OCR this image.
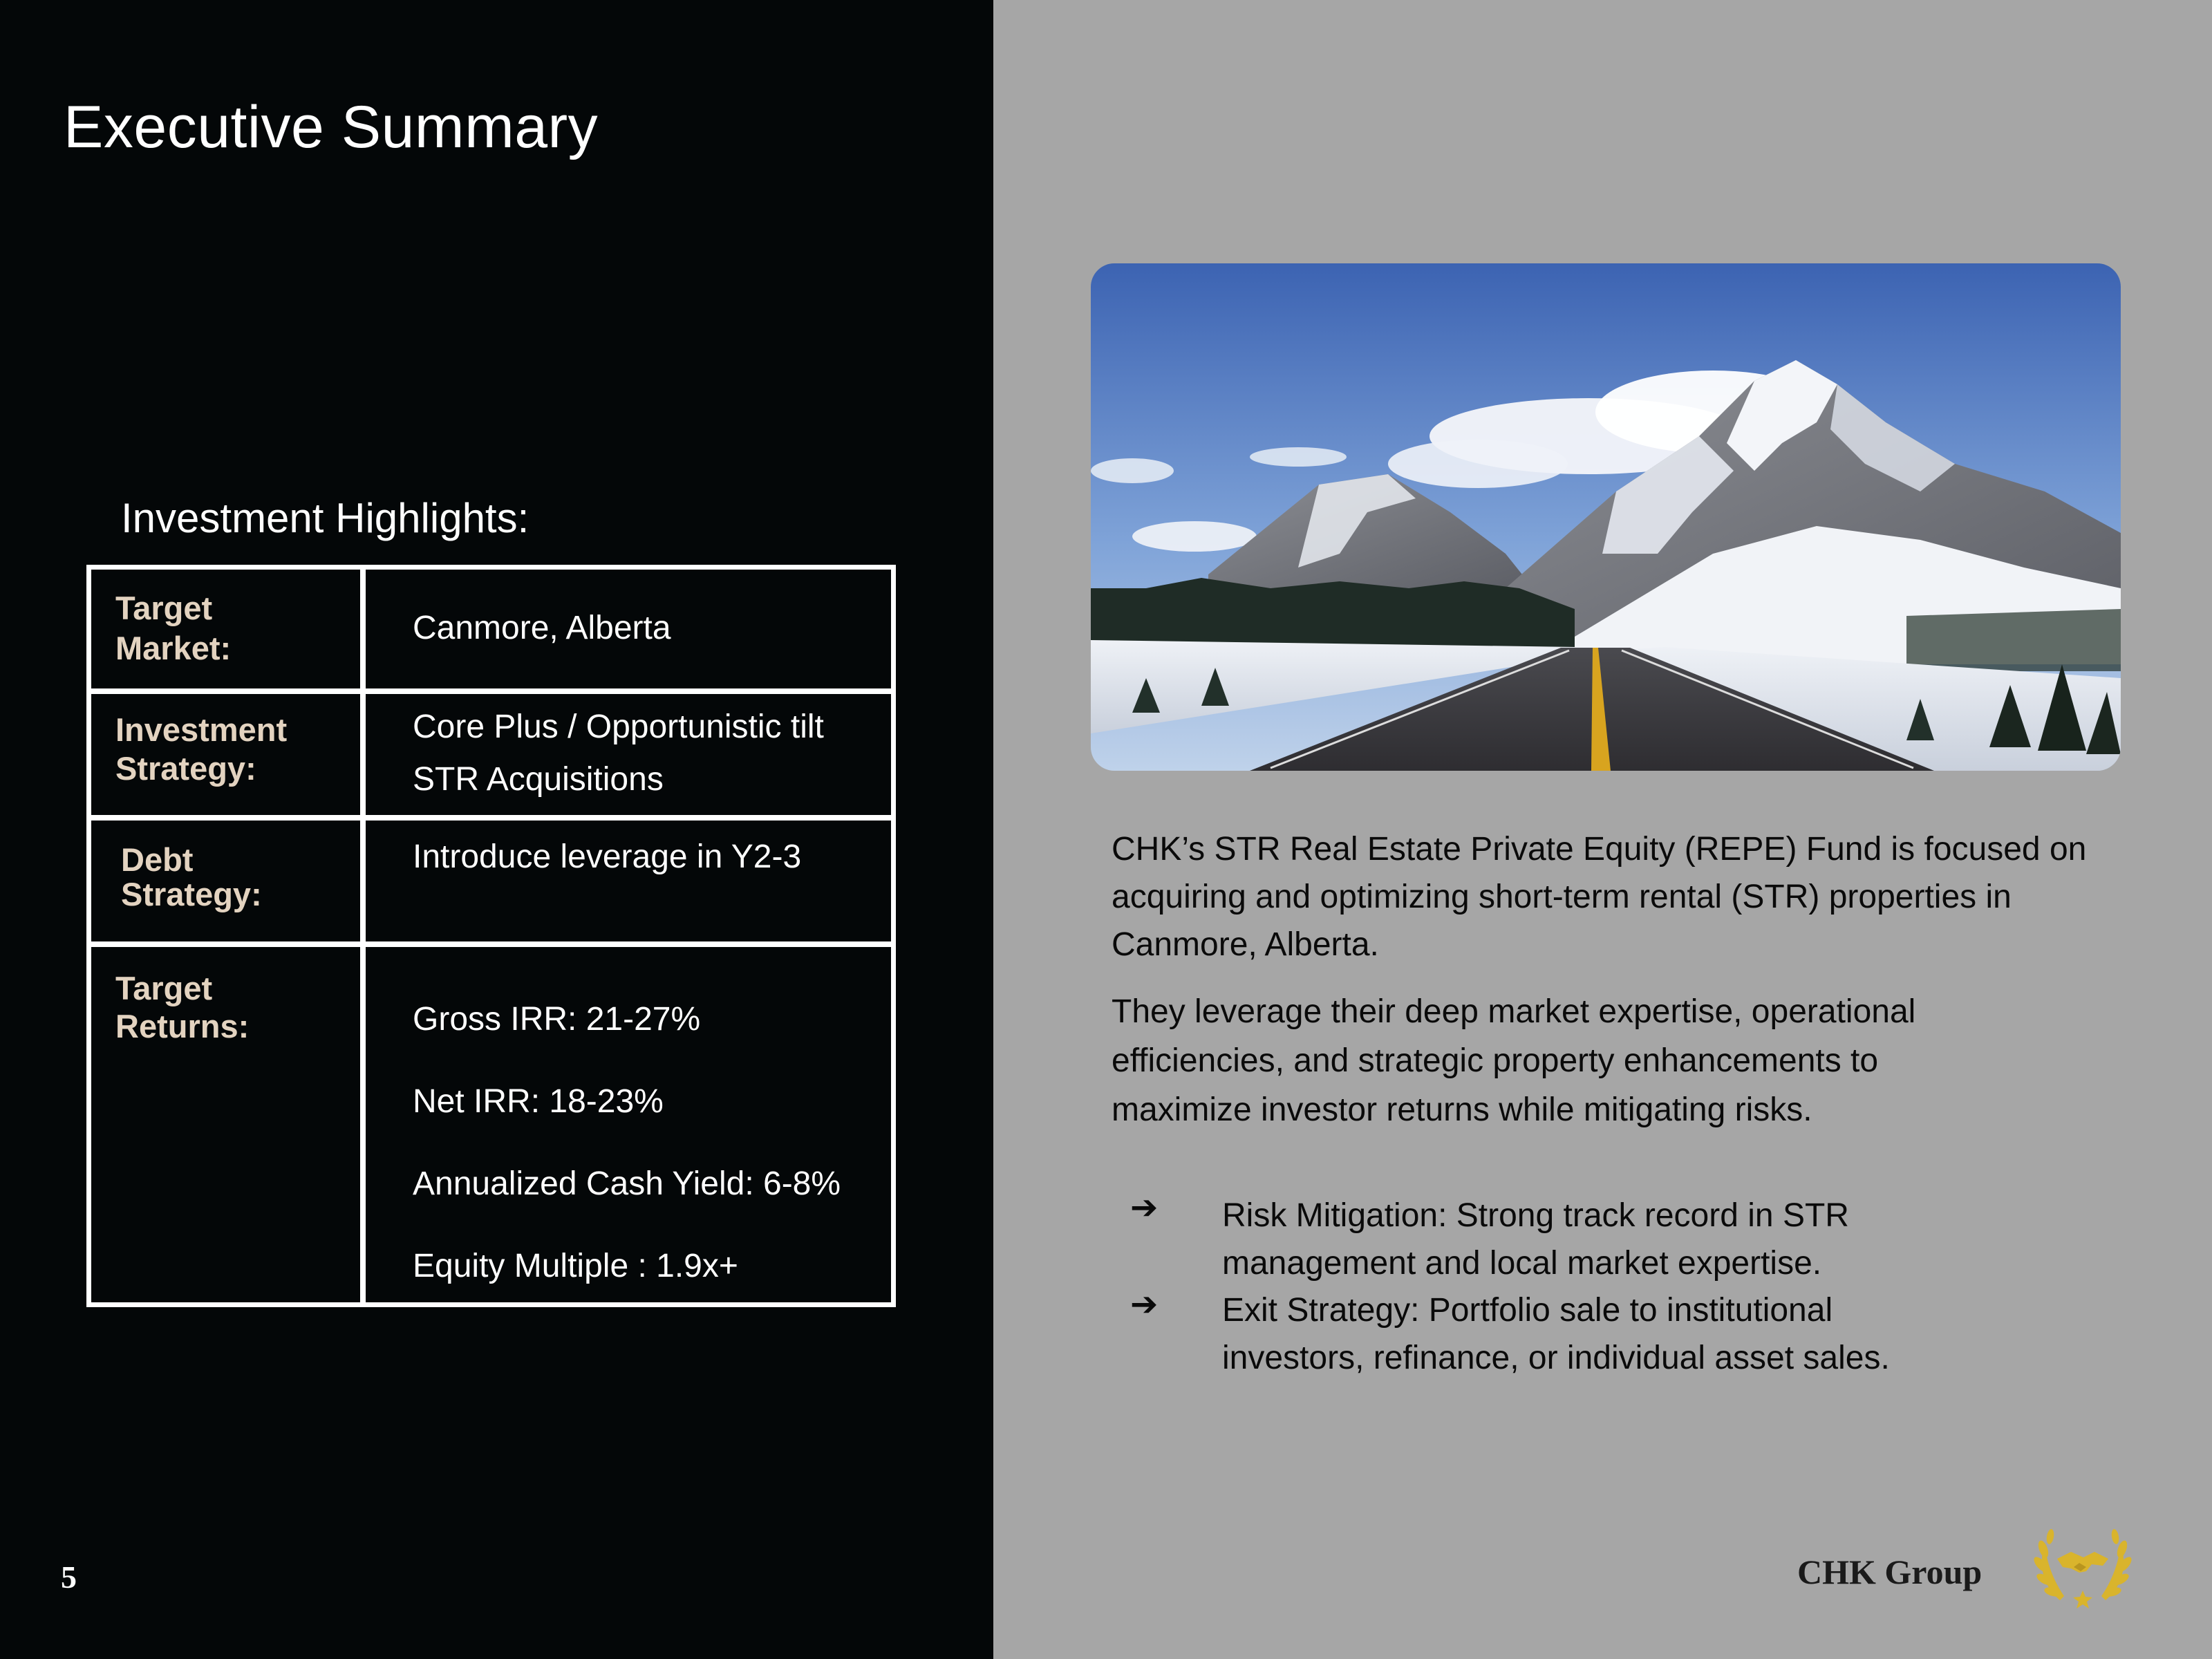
Executive Summary
Investment Highlights:
Target
Market:
Canmore, Alberta
Investment
Strategy:
Core Plus / Opportunistic tilt
STR Acquisitions
Debt
Strategy:
Introduce leverage in Y2-3
Target
Returns:	Gross IRR: 21-27%
Net IRR: 18-23%
Annualized Cash Yield: 6-8%
Equity Multiple : 1.9x+
CHK’s STR Real Estate Private Equity (REPE) Fund is focused on
acquiring and optimizing short-term rental (STR) properties in
Canmore, Alberta.
They leverage their deep market expertise, operational
efficiencies, and strategic property enhancements to
maximize investor returns while mitigating risks.
➔ Risk Mitigation: Strong track record in STR
management and local market expertise.
➔ Exit Strategy: Portfolio sale to institutional
investors, refinance, or individual asset sales.
5	CHK Group
